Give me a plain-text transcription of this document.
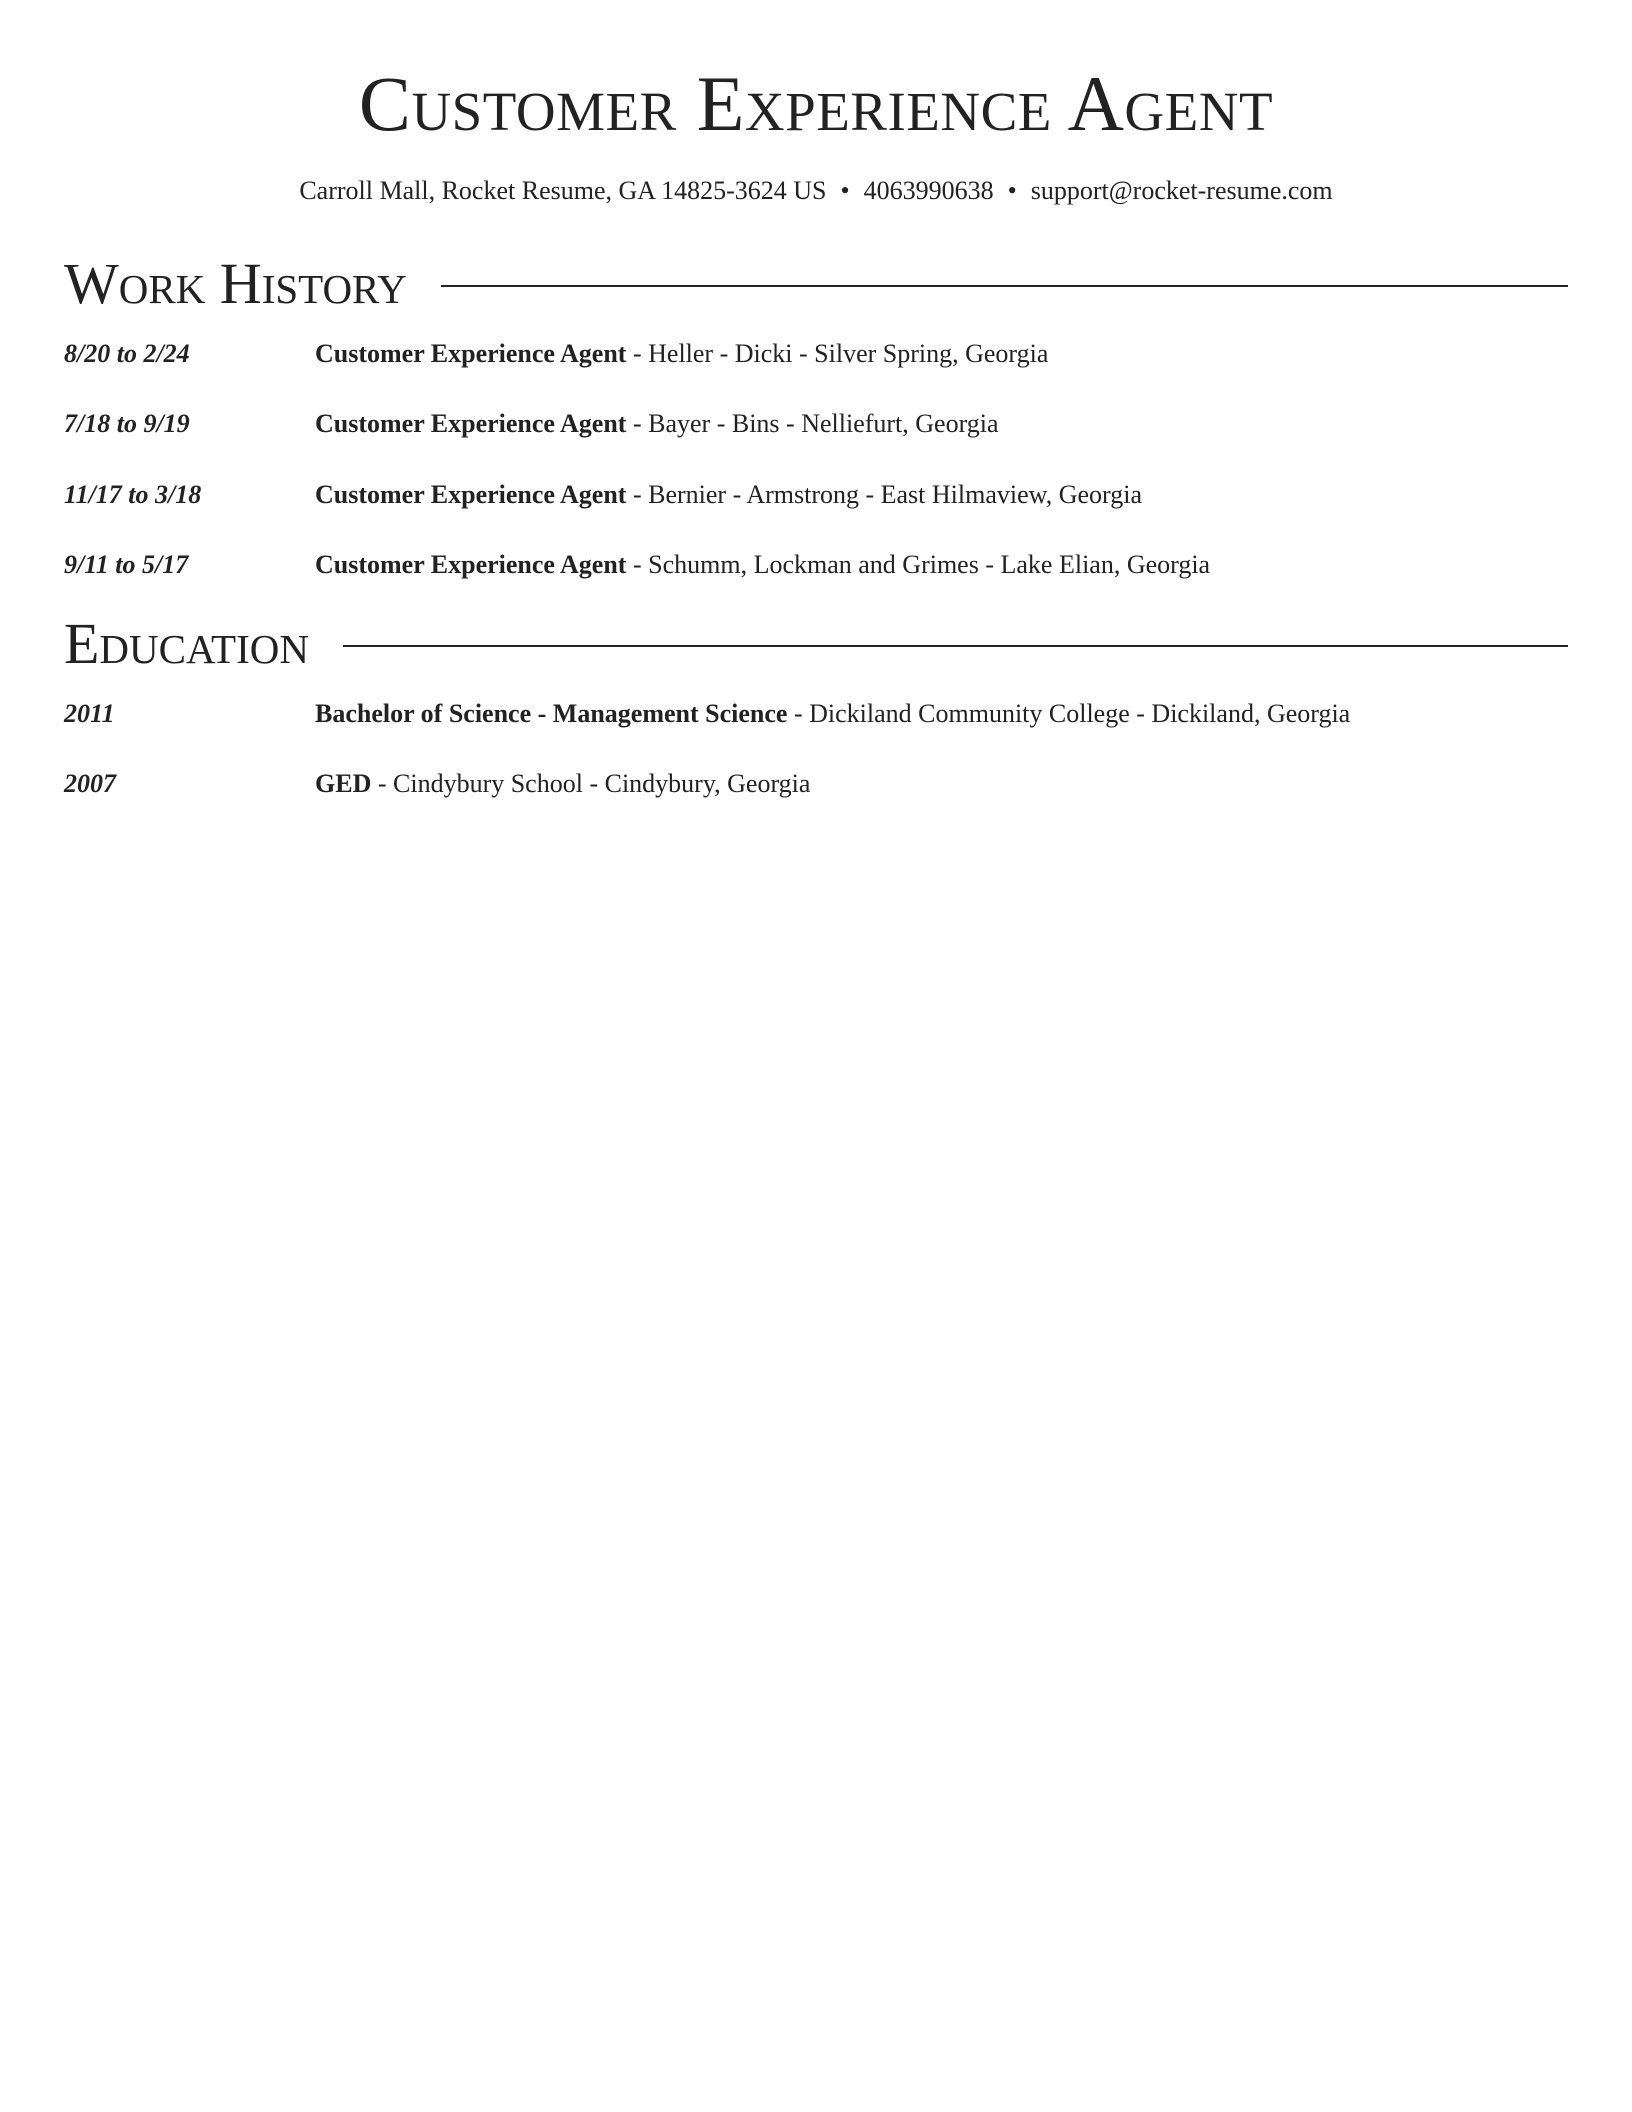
Customer Experience Agent
Carroll Mall, Rocket Resume, GA 14825-3624 US • 4063990638 • support@rocket-resume.com
Work History
8/20 to 2/24	Customer Experience Agent - Heller - Dicki - Silver Spring, Georgia
7/18 to 9/19	Customer Experience Agent - Bayer - Bins - Nelliefurt, Georgia
11/17 to 3/18	Customer Experience Agent - Bernier - Armstrong - East Hilmaview, Georgia
9/11 to 5/17	Customer Experience Agent - Schumm, Lockman and Grimes - Lake Elian, Georgia
Education
2011	Bachelor of Science - Management Science - Dickiland Community College - Dickiland, Georgia
2007	GED - Cindybury School - Cindybury, Georgia
